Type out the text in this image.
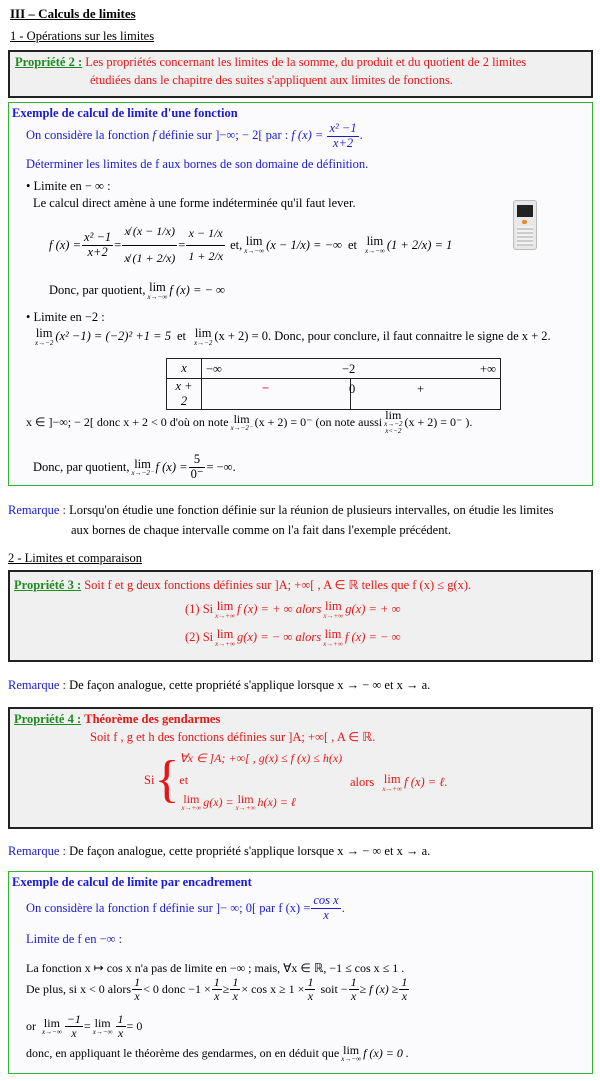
III – Calculs de limites
1 - Opérations sur les limites
Propriété 2 : Les propriétés concernant les limites de la somme, du produit et du quotient de 2 limites
étudiées dans le chapitre des suites s'appliquent aux limites de fonctions.
Exemple de calcul de limite d'une fonction
On considère la fonction f définie sur ]−∞; − 2[ par : f $(x) = \frac{\text{x² −1}}{x+2}$ .
Déterminer les limites de f aux bornes de son domaine de définition.
• Limite en − ∞ :
Le calcul direct amène à une forme indéterminée qu'il faut lever.
f $(x) = \frac{\text{x² −1}}{x+2} = \frac{x̸ (x - 1/x)}{x̸ (1 + 2/x)} = \frac{x - 1/x}{1 + 2/x}$ et, lim
x→−∞ (x − 1/x) = −∞ et lim
x→−∞ (1 + 2/x) = 1
Donc, par quotient, lim
x→−∞ f (x) = − ∞
• Limite en −2 :
lim
x→−2 (x² −1) = (−2)² +1 = 5 et lim
x→−2 (x + 2) = 0. Donc, pour conclure, il faut connaitre le signe de x + 2.
x ∈ ]−∞; − 2[ donc x + 2 < 0 d'où on note lim
x→−2⁻ (x + 2) = 0⁻ (on note aussi lim
x→−2
x<−2
(x + 2) = 0⁻ ).
Donc, par quotient, lim
x→−2⁻ f $(x) = \frac{5}{0^-}$ = −∞.
x	−∞ −2 +∞

x + 2	− 0 +
Remarque : Lorsqu'on étudie une fonction définie sur la réunion de plusieurs intervalles, on étudie les limites
aux bornes de chaque intervalle comme on l'a fait dans l'exemple précédent.
2 - Limites et comparaison
Propriété 3 : Soit f et g deux fonctions définies sur ]A; +∞[ , A ∈ ℝ telles que f (x) ≤ g(x).
(1) Si lim
x→+∞ f (x) = + ∞ alors lim
x→+∞ g(x) = + ∞
(2) Si lim
x→+∞ g(x) = − ∞ alors lim
x→+∞ f (x) = − ∞
Remarque : De façon analogue, cette propriété s'applique lorsque x → − ∞ et x → a.
Propriété 4 : Théorème des gendarmes
Soit f , g et h des fonctions définies sur ]A; +∞[ , A ∈ ℝ.
Si { ∀x ∈ ]A; +∞[ , g(x) ≤ f (x) ≤ h(x)
et
lim
x→+∞ g(x) = lim
x→+∞ h(x) = ℓ
alors lim
x→+∞ f (x) = ℓ.
Remarque : De façon analogue, cette propriété s'applique lorsque x → − ∞ et x → a.
Exemple de calcul de limite par encadrement
On considère la fonction f définie sur ]− ∞; 0[ par f $(x) = \frac{\text{cos x}}{x}$ .
Limite de f en −∞ :
La fonction x ↦ cos x n'a pas de limite en −∞ ; mais, ∀x ∈ ℝ, −1 ≤ cos x ≤ 1 .
De plus, si x < 0 alors $\frac{1}{x} < 0$ donc $-1 \times \frac{1}{x} \ge \frac{1}{x} \times \cos x \ge 1 \times \frac{1}{x}$ soit − $\frac{1}{x} \ge f$ $(x) \ge \frac{1}{x}$
or lim
$x\to-\infty \frac{-1}{x} = \lim$
$x\to-\infty \frac{1}{x} = 0$
donc, en appliquant le théorème des gendarmes, on en déduit que lim
x→−∞ f (x) = 0 .
